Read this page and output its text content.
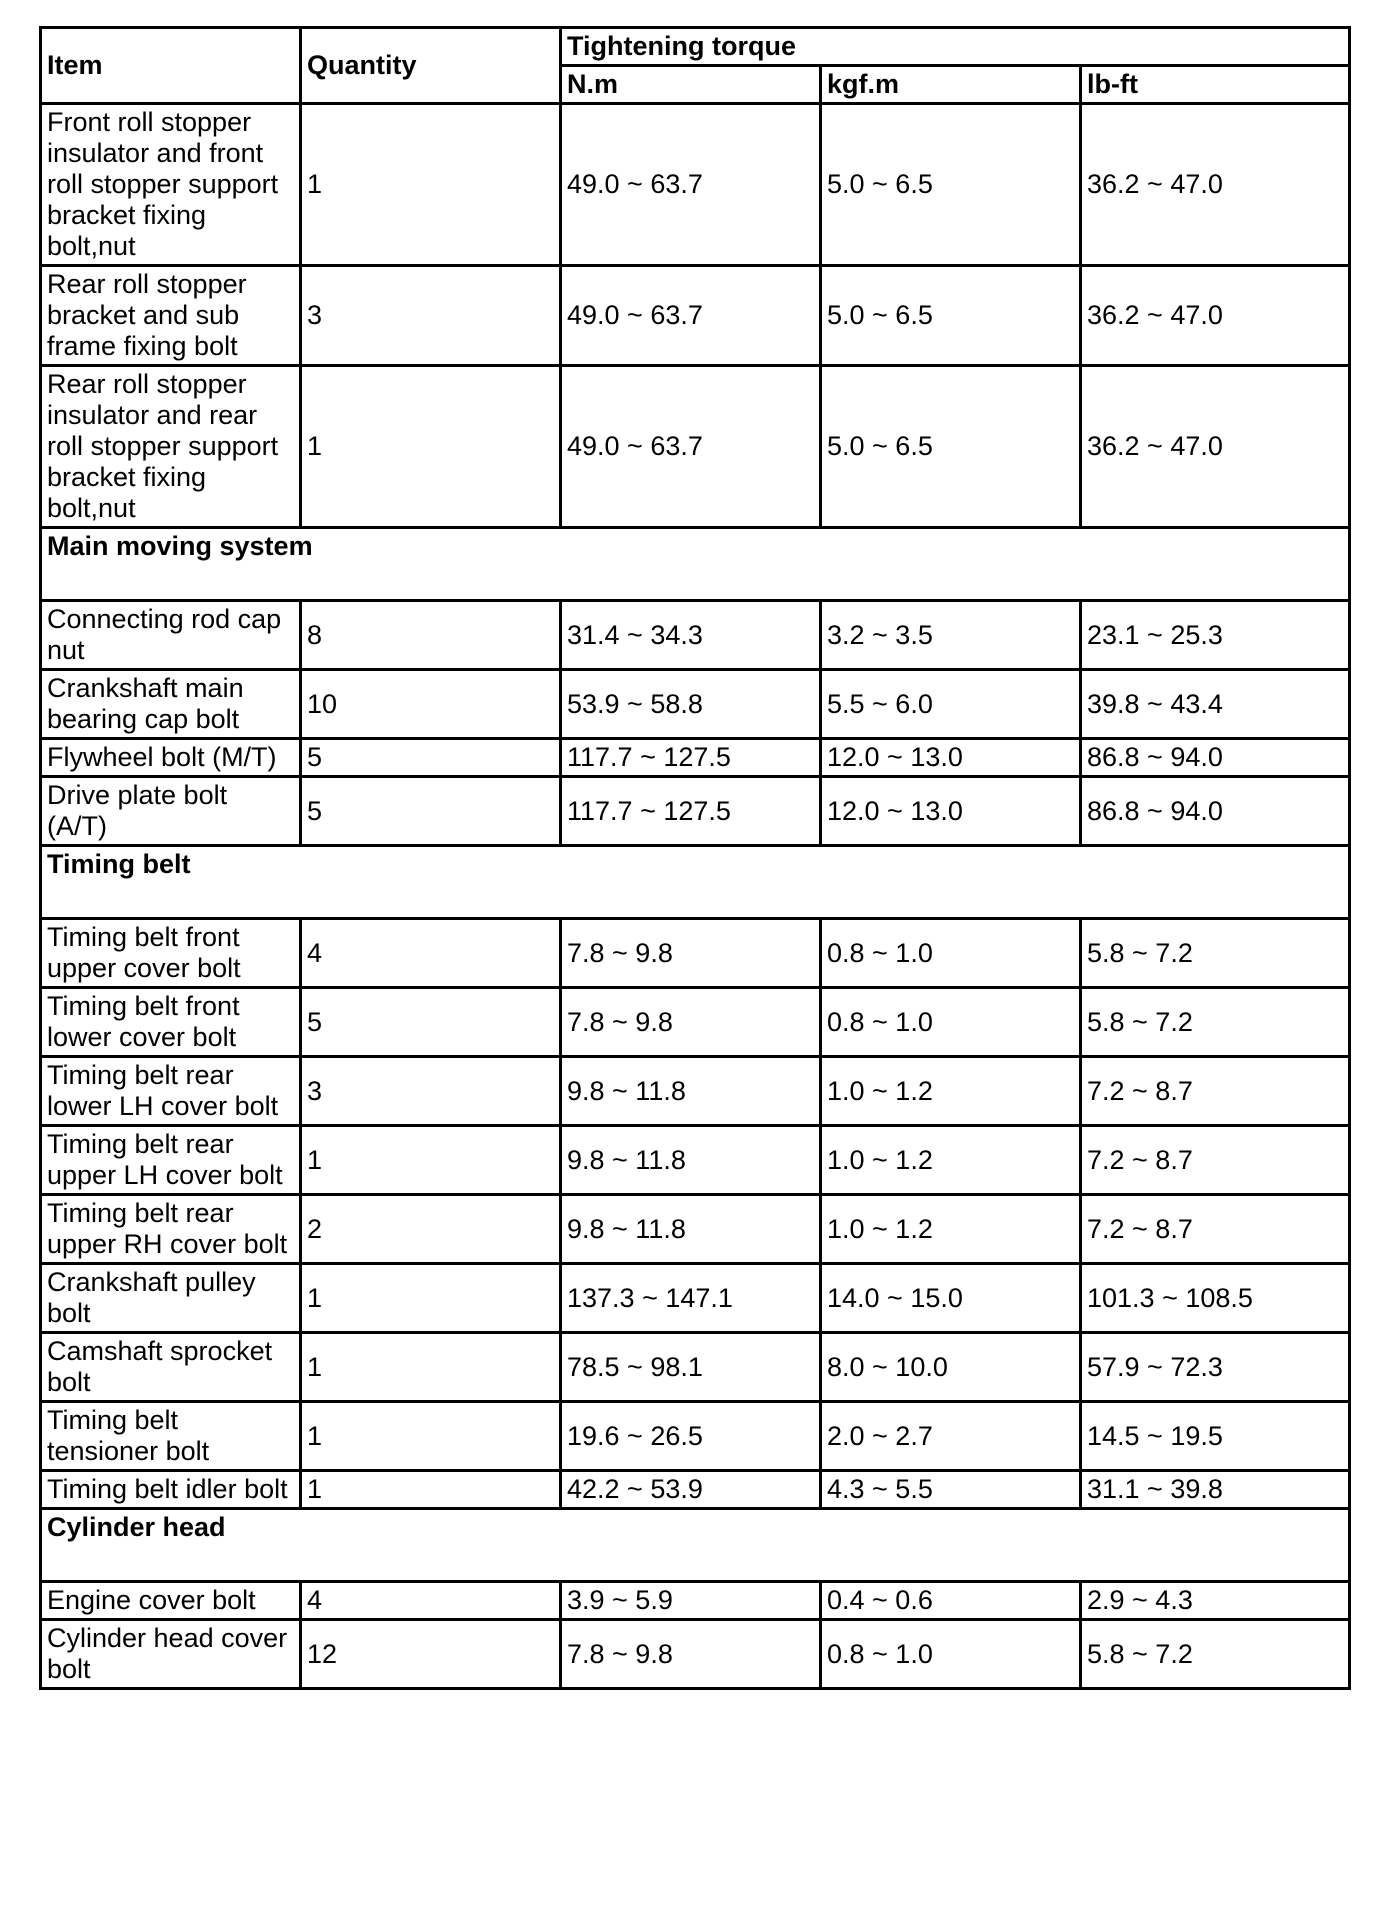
Item	Quantity	Tightening torque		
		N.m	kgf.m	lb-ft
Front roll stopper insulator and front roll stopper support bracket fixing bolt,nut	1	49.0 ~ 63.7	5.0 ~ 6.5	36.2 ~ 47.0
Rear roll stopper bracket and sub frame fixing bolt	3	49.0 ~ 63.7	5.0 ~ 6.5	36.2 ~ 47.0
Rear roll stopper insulator and rear roll stopper support bracket fixing bolt,nut	1	49.0 ~ 63.7	5.0 ~ 6.5	36.2 ~ 47.0
Main moving system				
Connecting rod cap nut	8	31.4 ~ 34.3	3.2 ~ 3.5	23.1 ~ 25.3
Crankshaft main bearing cap bolt	10	53.9 ~ 58.8	5.5 ~ 6.0	39.8 ~ 43.4
Flywheel bolt (M/T)	5	117.7 ~ 127.5	12.0 ~ 13.0	86.8 ~ 94.0
Drive plate bolt (A/T)	5	117.7 ~ 127.5	12.0 ~ 13.0	86.8 ~ 94.0
Timing belt				
Timing belt front upper cover bolt	4	7.8 ~ 9.8	0.8 ~ 1.0	5.8 ~ 7.2
Timing belt front lower cover bolt	5	7.8 ~ 9.8	0.8 ~ 1.0	5.8 ~ 7.2
Timing belt rear lower LH cover bolt	3	9.8 ~ 11.8	1.0 ~ 1.2	7.2 ~ 8.7
Timing belt rear upper LH cover bolt	1	9.8 ~ 11.8	1.0 ~ 1.2	7.2 ~ 8.7
Timing belt rear upper RH cover bolt	2	9.8 ~ 11.8	1.0 ~ 1.2	7.2 ~ 8.7
Crankshaft pulley bolt	1	137.3 ~ 147.1	14.0 ~ 15.0	101.3 ~ 108.5
Camshaft sprocket bolt	1	78.5 ~ 98.1	8.0 ~ 10.0	57.9 ~ 72.3
Timing belt tensioner bolt	1	19.6 ~ 26.5	2.0 ~ 2.7	14.5 ~ 19.5
Timing belt idler bolt	1	42.2 ~ 53.9	4.3 ~ 5.5	31.1 ~ 39.8
Cylinder head				
Engine cover bolt	4	3.9 ~ 5.9	0.4 ~ 0.6	2.9 ~ 4.3
Cylinder head cover bolt	12	7.8 ~ 9.8	0.8 ~ 1.0	5.8 ~ 7.2
